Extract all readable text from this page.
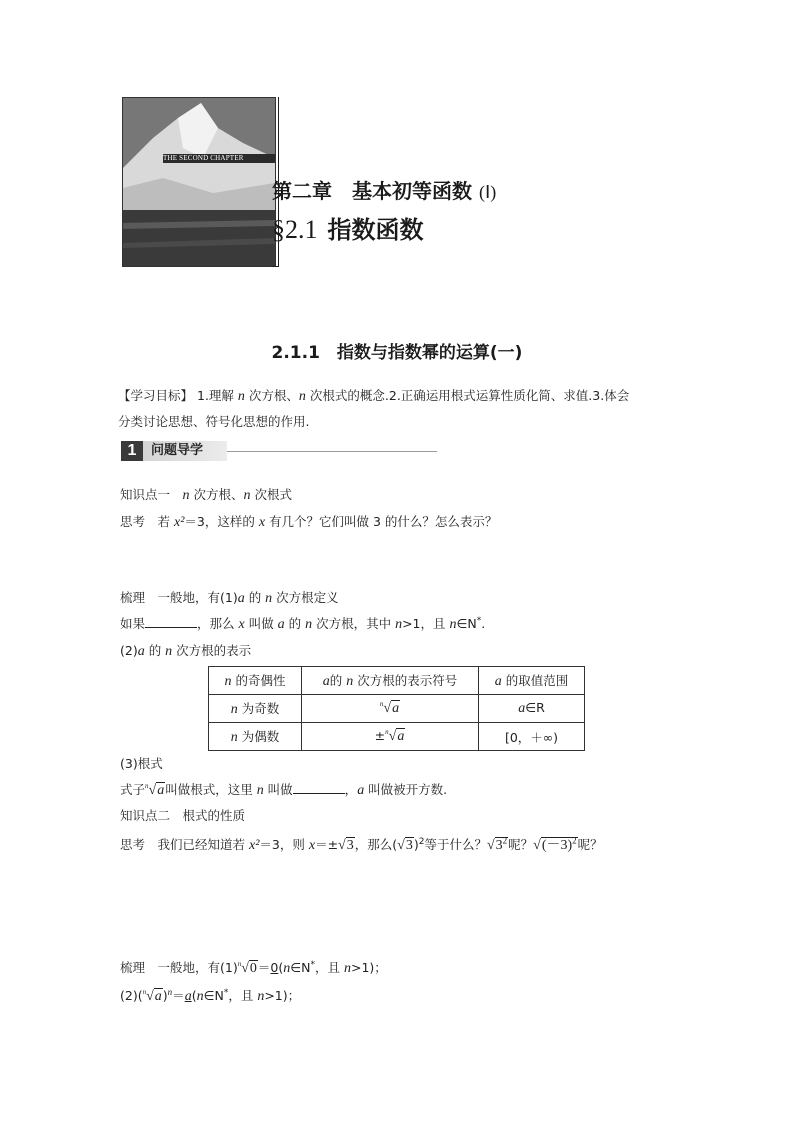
THE SECOND CHAPTER
第二章　基本初等函数 (Ⅰ)
§2.1 指数函数
2.1.1　指数与指数幂的运算(一)
【学习目标】 1.理解 n 次方根、n 次根式的概念.2.正确运用根式运算性质化简、求值.3.体会
分类讨论思想、符号化思想的作用.
1	问题导学
知识点一　n 次方根、n 次根式
思考　若 x²＝3，这样的 x 有几个？它们叫做 3 的什么？怎么表示？
梳理　一般地，有(1)a 的 n 次方根定义
如果	，那么 x 叫做 a 的 n 次方根，其中 n>1，且 n∈N*.
(2)a 的 n 次方根的表示
n 的奇偶性	a的 n 次方根的表示符号	a 的取值范围
n 为奇数	$^n$√a	a∈R
n 为偶数	±$^n$√a	[0，＋∞)
(3)根式
式子$^n$√a叫做根式，这里 n 叫做	，a 叫做被开方数.
知识点二　根式的性质
思考　我们已经知道若 x²＝3，则 x＝±√3，那么$(√3)^2$等于什么？$√3^2$呢？$√(-3)^2$呢？
梳理　一般地，有$(1)^n√0=0(n\in N^*$，且 n>1)；
$(2)(^n√a)^n=a(n\in N^*$，且 n>1)；
